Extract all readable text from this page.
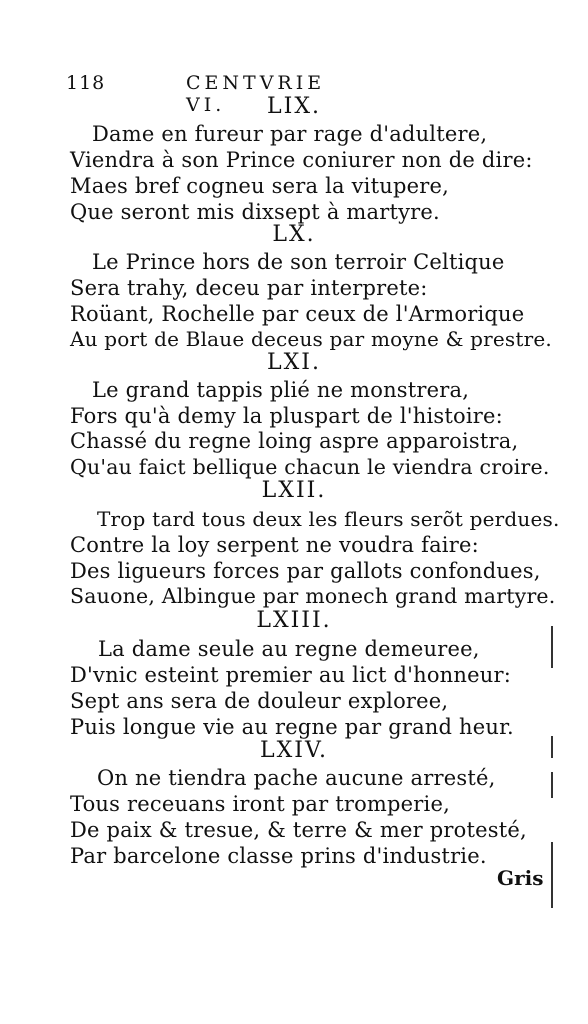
118	CENTVRIE VI.	LIX.
Dame en fureur par rage d'adultere,
Viendra à son Prince coniurer non de dire:
Maes bref cogneu sera la vitupere,
Que seront mis dixsept à martyre.
LX.
Le Prince hors de son terroir Celtique
Sera trahy, deceu par interprete:
Roüant, Rochelle par ceux de l'Armorique
Au port de Blaue deceus par moyne & prestre.
LXI.
Le grand tappis plié ne monstrera,
Fors qu'à demy la pluspart de l'histoire:
Chassé du regne loing aspre apparoistra,
Qu'au faict bellique chacun le viendra croire.
LXII.
Trop tard tous deux les fleurs serõt perdues.
Contre la loy serpent ne voudra faire:
Des ligueurs forces par gallots confondues,
Sauone, Albingue par monech grand martyre.
LXIII.
La dame seule au regne demeuree,
D'vnic esteint premier au lict d'honneur:
Sept ans sera de douleur exploree,
Puis longue vie au regne par grand heur.
LXIV.
On ne tiendra pache aucune arresté,
Tous receuans iront par tromperie,
De paix & tresue, & terre & mer protesté,
Par barcelone classe prins d'industrie.
Gris
